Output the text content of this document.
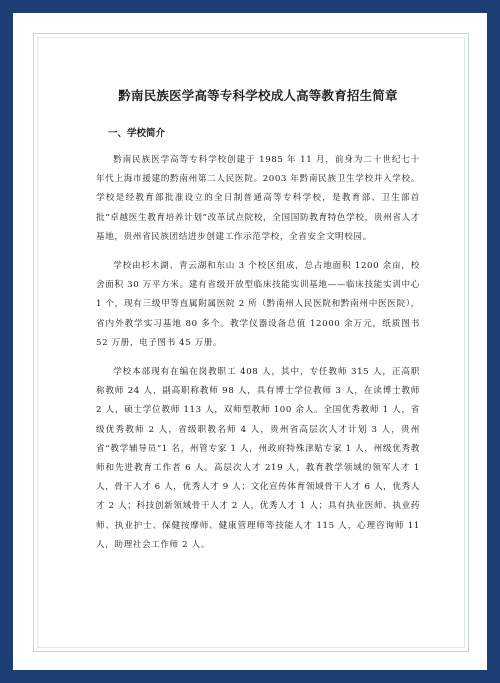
黔南民族医学高等专科学校成人高等教育招生简章
一、学校简介

黔南民族医学高等专科学校创建于 1985 年 11 月，前身为二十世纪七十年代上海市援建的黔南州第二人民医院。2003 年黔南民族卫生学校并入学校。学校是经教育部批准设立的全日制普通高等专科学校，是教育部、卫生部首批“卓越医生教育培养计划”改革试点院校，全国国防教育特色学校，贵州省人才基地，贵州省民族团结进步创建工作示范学校，全省安全文明校园。

学校由杉木湖、青云湖和东山 3 个校区组成，总占地面积 1200 余亩，校舍面积 30 万平方米。建有省级开放型临床技能实训基地——临床技能实训中心 1 个，现有三级甲等直属附属医院 2 所（黔南州人民医院和黔南州中医医院），省内外教学实习基地 80 多个。教学仪器设备总值 12000 余万元，纸质图书 52 万册，电子图书 45 万册。

学校本部现有在编在岗教职工 408 人，其中，专任教师 315 人，正高职称教师 24 人，副高职称教师 98 人，具有博士学位教师 3 人，在读博士教师 2 人，硕士学位教师 113 人，双师型教师 100 余人。全国优秀教师 1 人，省级优秀教师 2 人，省级职教名师 4 人，贵州省高层次人才计划 3 人，贵州省“教学辅导员”1 名，州管专家 1 人，州政府特殊津贴专家 1 人，州级优秀教师和先进教育工作者 6 人。高层次人才 219 人，教育教学领域的领军人才 1 人，骨干人才 6 人，优秀人才 9 人；文化宣传体育领域骨干人才 6 人，优秀人才 2 人；科技创新领域骨干人才 2 人，优秀人才 1 人；具有执业医师、执业药师、执业护士、保健按摩师、健康管理师等技能人才 115 人，心理咨询师 11 人，助理社会工作师 2 人。
